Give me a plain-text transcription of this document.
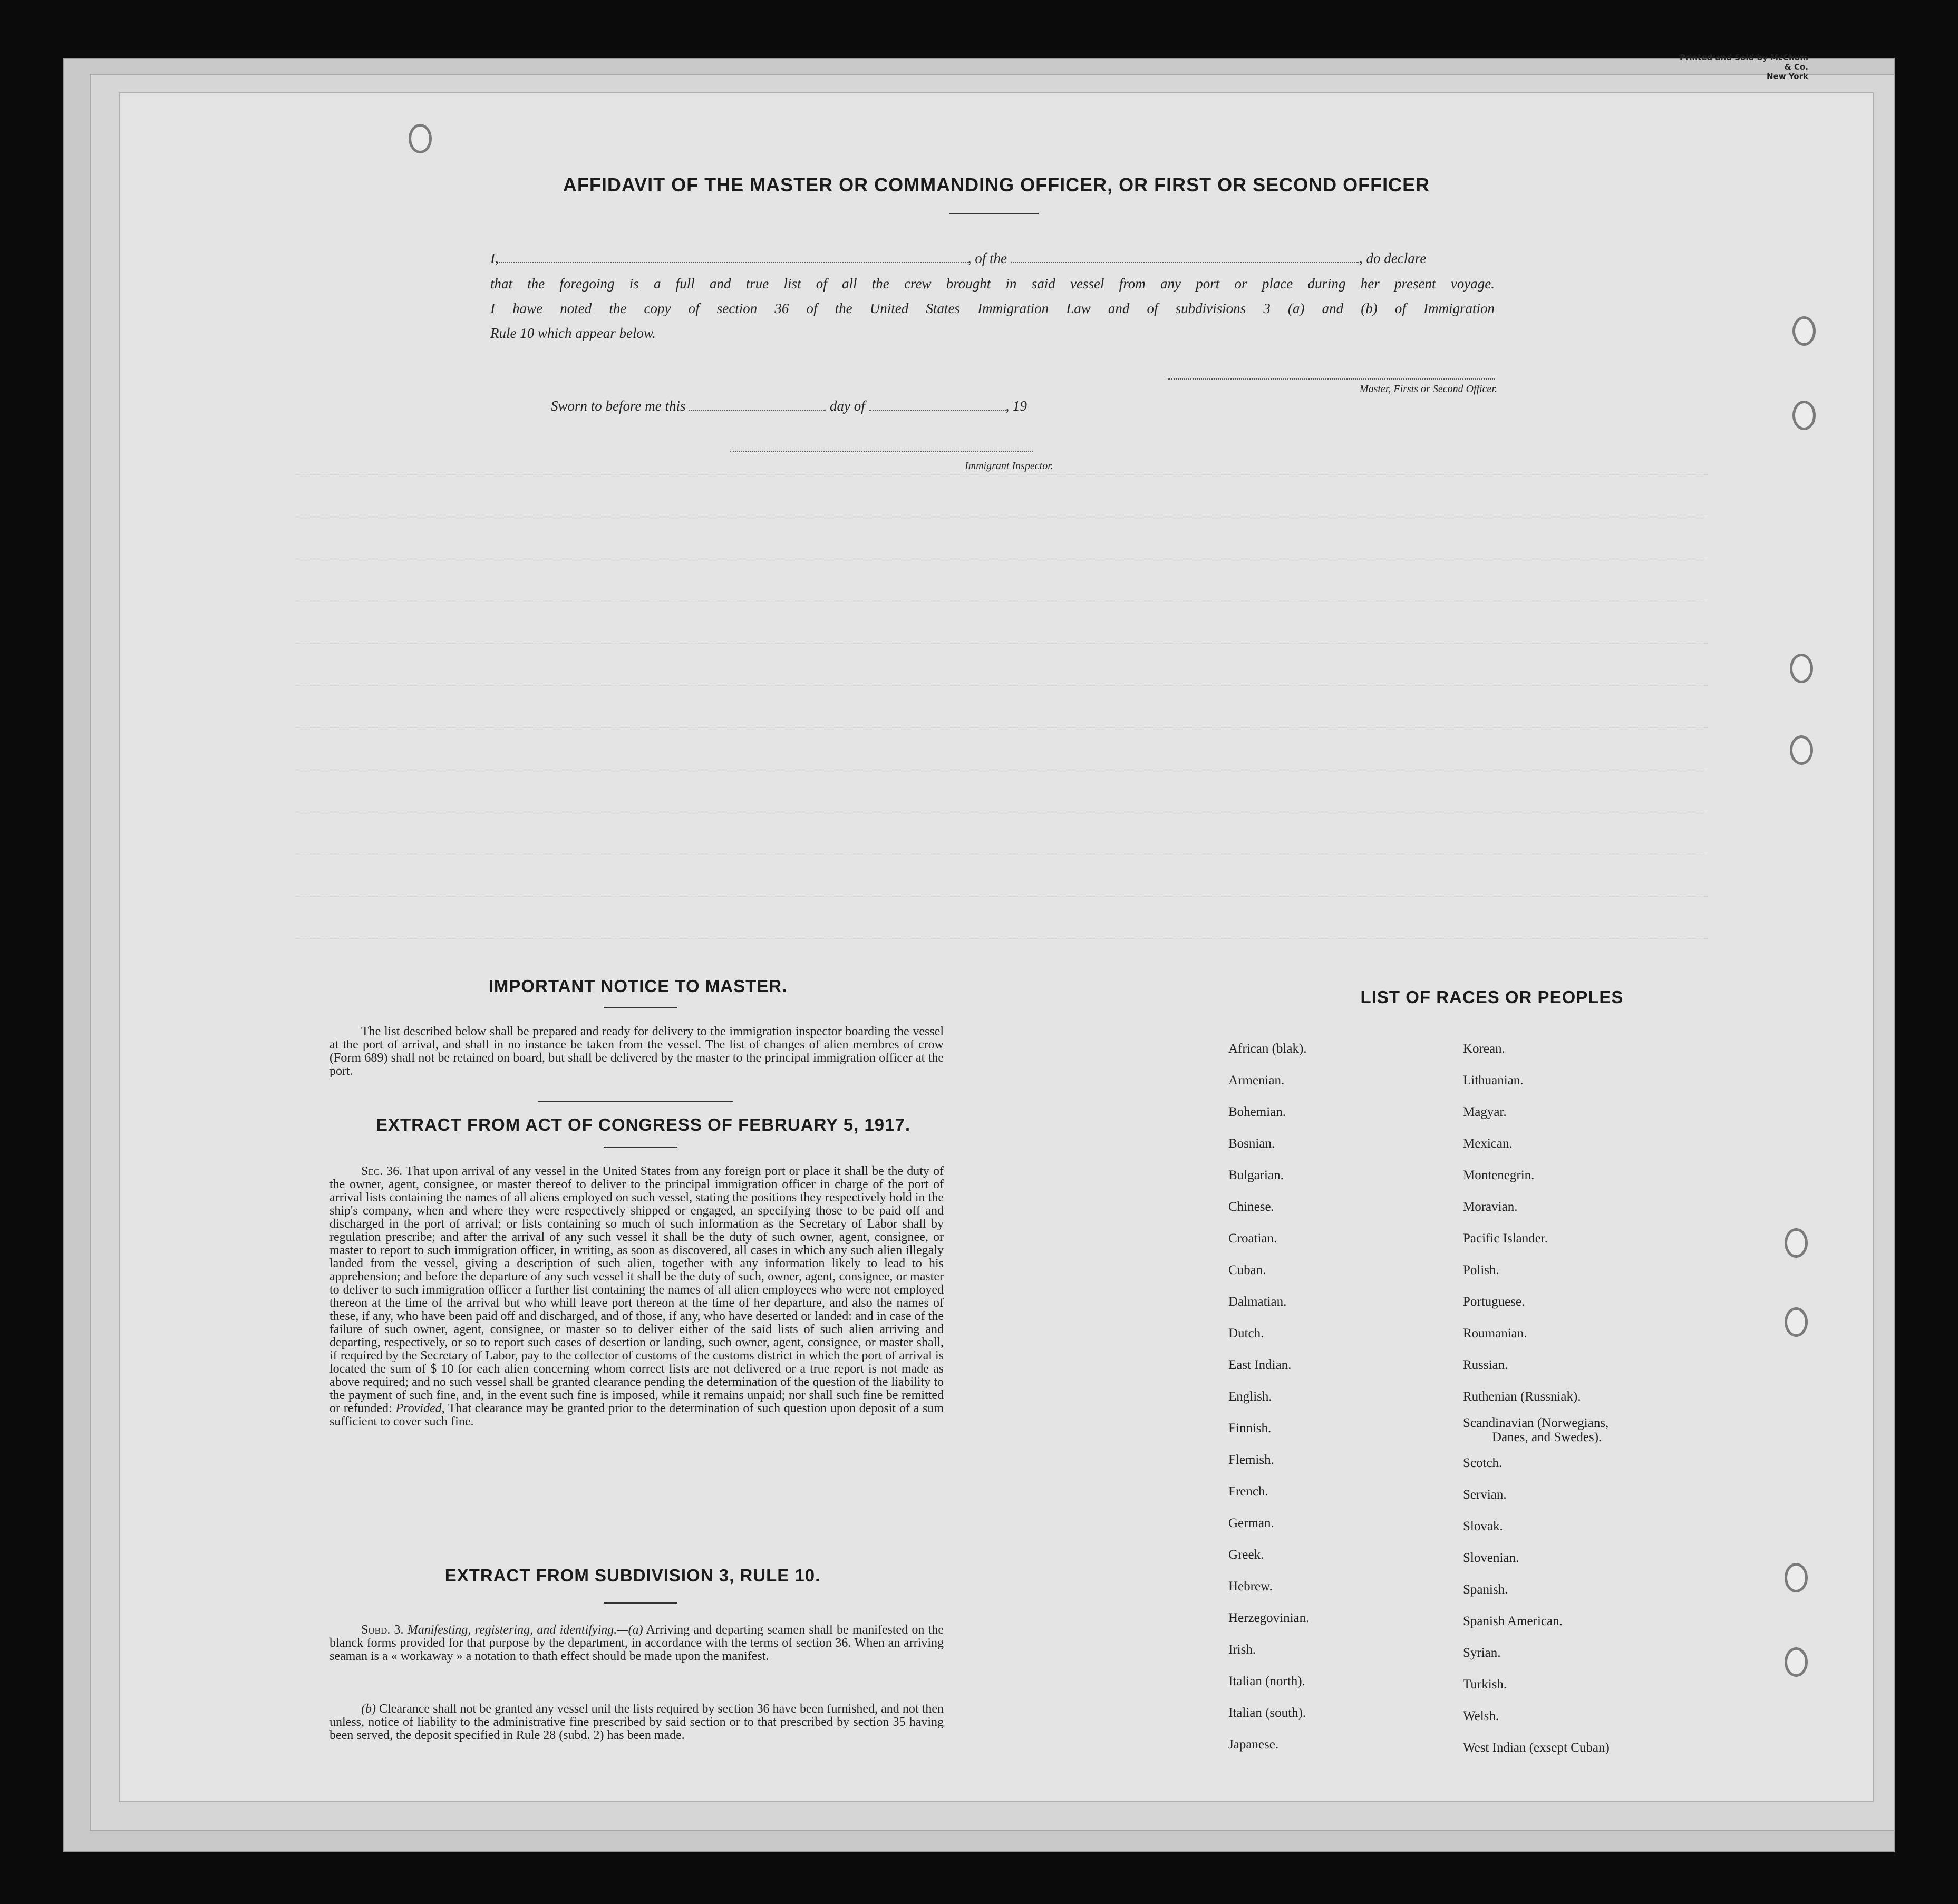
Printed and Sold by McChum & Co.
New York
AFFIDAVIT OF THE MASTER OR COMMANDING OFFICER, OR FIRST OR SECOND OFFICER
I,	, of the	, do declare
that the foregoing is a full and true list of all the crew brought in said vessel from any port or place during her present voyage.
I hawe noted the copy of section 36 of the United States Immigration Law and of subdivisions 3 (a) and (b) of Immigration
Rule 10 which appear below.
Master, Firsts or Second Officer.
Sworn to before me this	day of	, 19
Immigrant Inspector.
IMPORTANT NOTICE TO MASTER.
The list described below shall be prepared and ready for delivery to the immigration inspector boarding the vessel at the port of arrival, and shall in no instance be taken from the vessel. The list of changes of alien membres of crow (Form 689) shall not be retained on board, but shall be delivered by the master to the principal immigration officer at the port.
EXTRACT FROM ACT OF CONGRESS OF FEBRUARY 5, 1917.
Sec. 36. That upon arrival of any vessel in the United States from any foreign port or place it shall be the duty of the owner, agent, consignee, or master thereof to deliver to the principal immigration officer in charge of the port of arrival lists containing the names of all aliens employed on such vessel, stating the positions they respectively hold in the ship's company, when and where they were respectively shipped or engaged, an specifying those to be paid off and discharged in the port of arrival; or lists containing so much of such information as the Secretary of Labor shall by regulation prescribe; and after the arrival of any such vessel it shall be the duty of such owner, agent, consignee, or master to report to such immigration officer, in writing, as soon as discovered, all cases in which any such alien illegaly landed from the vessel, giving a description of such alien, together with any information likely to lead to his apprehension; and before the departure of any such vessel it shall be the duty of such, owner, agent, consignee, or master to deliver to such immigration officer a further list containing the names of all alien employees who were not employed thereon at the time of the arrival but who whill leave port thereon at the time of her departure, and also the names of these, if any, who have been paid off and discharged, and of those, if any, who have deserted or landed: and in case of the failure of such owner, agent, consignee, or master so to deliver either of the said lists of such alien arriving and departing, respectively, or so to report such cases of desertion or landing, such owner, agent, consignee, or master shall, if required by the Secretary of Labor, pay to the collector of customs of the customs district in which the port of arrival is located the sum of $ 10 for each alien concerning whom correct lists are not delivered or a true report is not made as above required; and no such vessel shall be granted clearance pending the determination of the question of the liability to the payment of such fine, and, in the event such fine is imposed, while it remains unpaid; nor shall such fine be remitted or refunded: Provided, That clearance may be granted prior to the determination of such question upon deposit of a sum sufficient to cover such fine.
EXTRACT FROM SUBDIVISION 3, RULE 10.
Subd. 3. Manifesting, registering, and identifying.—(a) Arriving and departing seamen shall be manifested on the blanck forms provided for that purpose by the department, in accordance with the terms of section 36. When an arriving seaman is a « workaway » a notation to thath effect should be made upon the manifest.
(b) Clearance shall not be granted any vessel unil the lists required by section 36 have been furnished, and not then unless, notice of liability to the administrative fine prescribed by said section or to that prescribed by section 35 having been served, the deposit specified in Rule 28 (subd. 2) has been made.
LIST OF RACES OR PEOPLES
African (blak).
Armenian.
Bohemian.
Bosnian.
Bulgarian.
Chinese.
Croatian.
Cuban.
Dalmatian.
Dutch.
East Indian.
English.
Finnish.
Flemish.
French.
German.
Greek.
Hebrew.
Herzegovinian.
Irish.
Italian (north).
Italian (south).
Japanese.
Korean.
Lithuanian.
Magyar.
Mexican.
Montenegrin.
Moravian.
Pacific Islander.
Polish.
Portuguese.
Roumanian.
Russian.
Ruthenian (Russniak).
Scandinavian (Norwegians,
Danes, and Swedes).
Scotch.
Servian.
Slovak.
Slovenian.
Spanish.
Spanish American.
Syrian.
Turkish.
Welsh.
West Indian (exsept Cuban)
